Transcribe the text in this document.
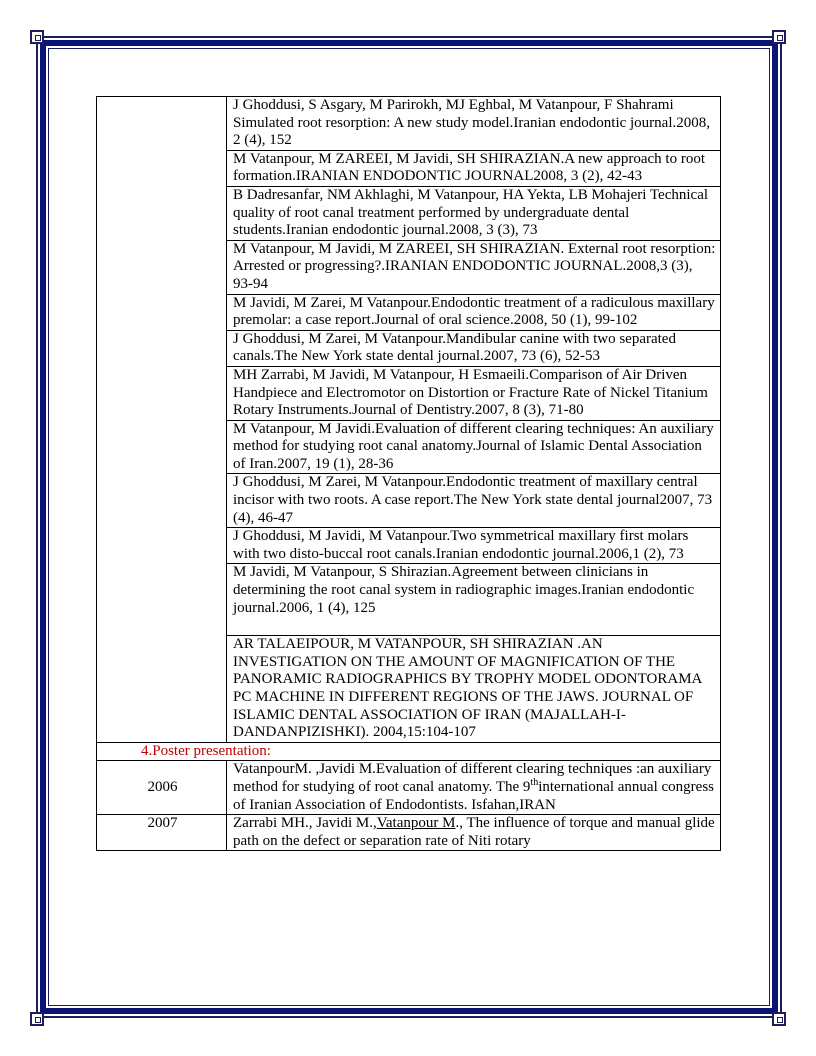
	J Ghoddusi, S Asgary, M Parirokh, MJ Eghbal, M Vatanpour, F Shahrami Simulated root resorption: A new study model.Iranian endodontic journal.2008, 2 (4), 152
	M Vatanpour, M ZAREEI, M Javidi, SH SHIRAZIAN.A new approach to root formation.IRANIAN ENDODONTIC JOURNAL2008, 3 (2), 42-43
	B Dadresanfar, NM Akhlaghi, M Vatanpour, HA Yekta, LB Mohajeri Technical quality of root canal treatment performed by undergraduate dental students.Iranian endodontic journal.2008, 3 (3), 73
	M Vatanpour, M Javidi, M ZAREEI, SH SHIRAZIAN. External root resorption: Arrested or progressing?.IRANIAN ENDODONTIC JOURNAL.2008,3 (3), 93-94
	M Javidi, M Zarei, M Vatanpour.Endodontic treatment of a radiculous maxillary premolar: a case report.Journal of oral science.2008, 50 (1), 99-102
	J Ghoddusi, M Zarei, M Vatanpour.Mandibular canine with two separated canals.The New York state dental journal.2007, 73 (6), 52-53
	MH Zarrabi, M Javidi, M Vatanpour, H Esmaeili.Comparison of Air Driven Handpiece and Electromotor on Distortion or Fracture Rate of Nickel Titanium Rotary Instruments.Journal of Dentistry.2007, 8 (3), 71-80
	M Vatanpour, M Javidi.Evaluation of different clearing techniques: An auxiliary method for studying root canal anatomy.Journal of Islamic Dental Association of Iran.2007, 19 (1), 28-36
	J Ghoddusi, M Zarei, M Vatanpour.Endodontic treatment of maxillary central incisor with two roots. A case report.The New York state dental journal2007, 73 (4), 46-47
	J Ghoddusi, M Javidi, M Vatanpour.Two symmetrical maxillary first molars with two disto-buccal root canals.Iranian endodontic journal.2006,1 (2), 73
	M Javidi, M Vatanpour, S Shirazian.Agreement between clinicians in determining the root canal system in radiographic images.Iranian endodontic journal.2006, 1 (4), 125
	AR TALAEIPOUR, M VATANPOUR, SH SHIRAZIAN .AN INVESTIGATION ON THE AMOUNT OF MAGNIFICATION OF THE PANORAMIC RADIOGRAPHICS BY TROPHY MODEL ODONTORAMA PC MACHINE IN DIFFERENT REGIONS OF THE JAWS. JOURNAL OF ISLAMIC DENTAL ASSOCIATION OF IRAN (MAJALLAH-I-DANDANPIZISHKI). 2004,15:104-107
4.Poster presentation:	
2006	VatanpourM. ,Javidi M.Evaluation of different clearing techniques :an auxiliary method for studying of root canal anatomy. The 9thinternational annual congress of Iranian Association of Endodontists. Isfahan,IRAN
2007	Zarrabi MH., Javidi M.,Vatanpour M., The influence of torque and manual glide path on the defect or separation rate of Niti rotary
